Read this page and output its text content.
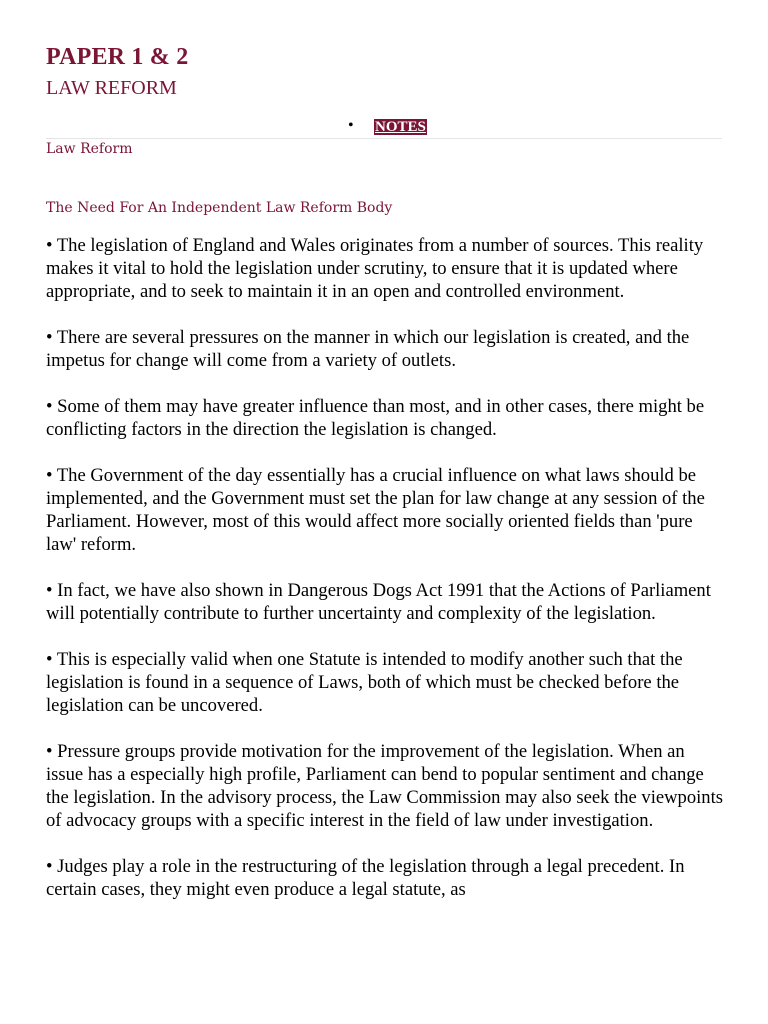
PAPER 1 & 2
LAW REFORM
• NOTES
Law Reform
The Need For An Independent Law Reform Body

• The legislation of England and Wales originates from a number of sources. This reality makes it vital to hold the legislation under scrutiny, to ensure that it is updated where appropriate, and to seek to maintain it in an open and controlled environment.

• There are several pressures on the manner in which our legislation is created, and the impetus for change will come from a variety of outlets.

• Some of them may have greater influence than most, and in other cases, there might be conflicting factors in the direction the legislation is changed.

• The Government of the day essentially has a crucial influence on what laws should be implemented, and the Government must set the plan for law change at any session of the Parliament. However, most of this would affect more socially oriented fields than 'pure law' reform.

• In fact, we have also shown in Dangerous Dogs Act 1991 that the Actions of Parliament will potentially contribute to further uncertainty and complexity of the legislation.

• This is especially valid when one Statute is intended to modify another such that the legislation is found in a sequence of Laws, both of which must be checked before the legislation can be uncovered.

• Pressure groups provide motivation for the improvement of the legislation. When an issue has a especially high profile, Parliament can bend to popular sentiment and change the legislation. In the advisory process, the Law Commission may also seek the viewpoints of advocacy groups with a specific interest in the field of law under investigation.

• Judges play a role in the restructuring of the legislation through a legal precedent. In certain cases, they might even produce a legal statute, as
